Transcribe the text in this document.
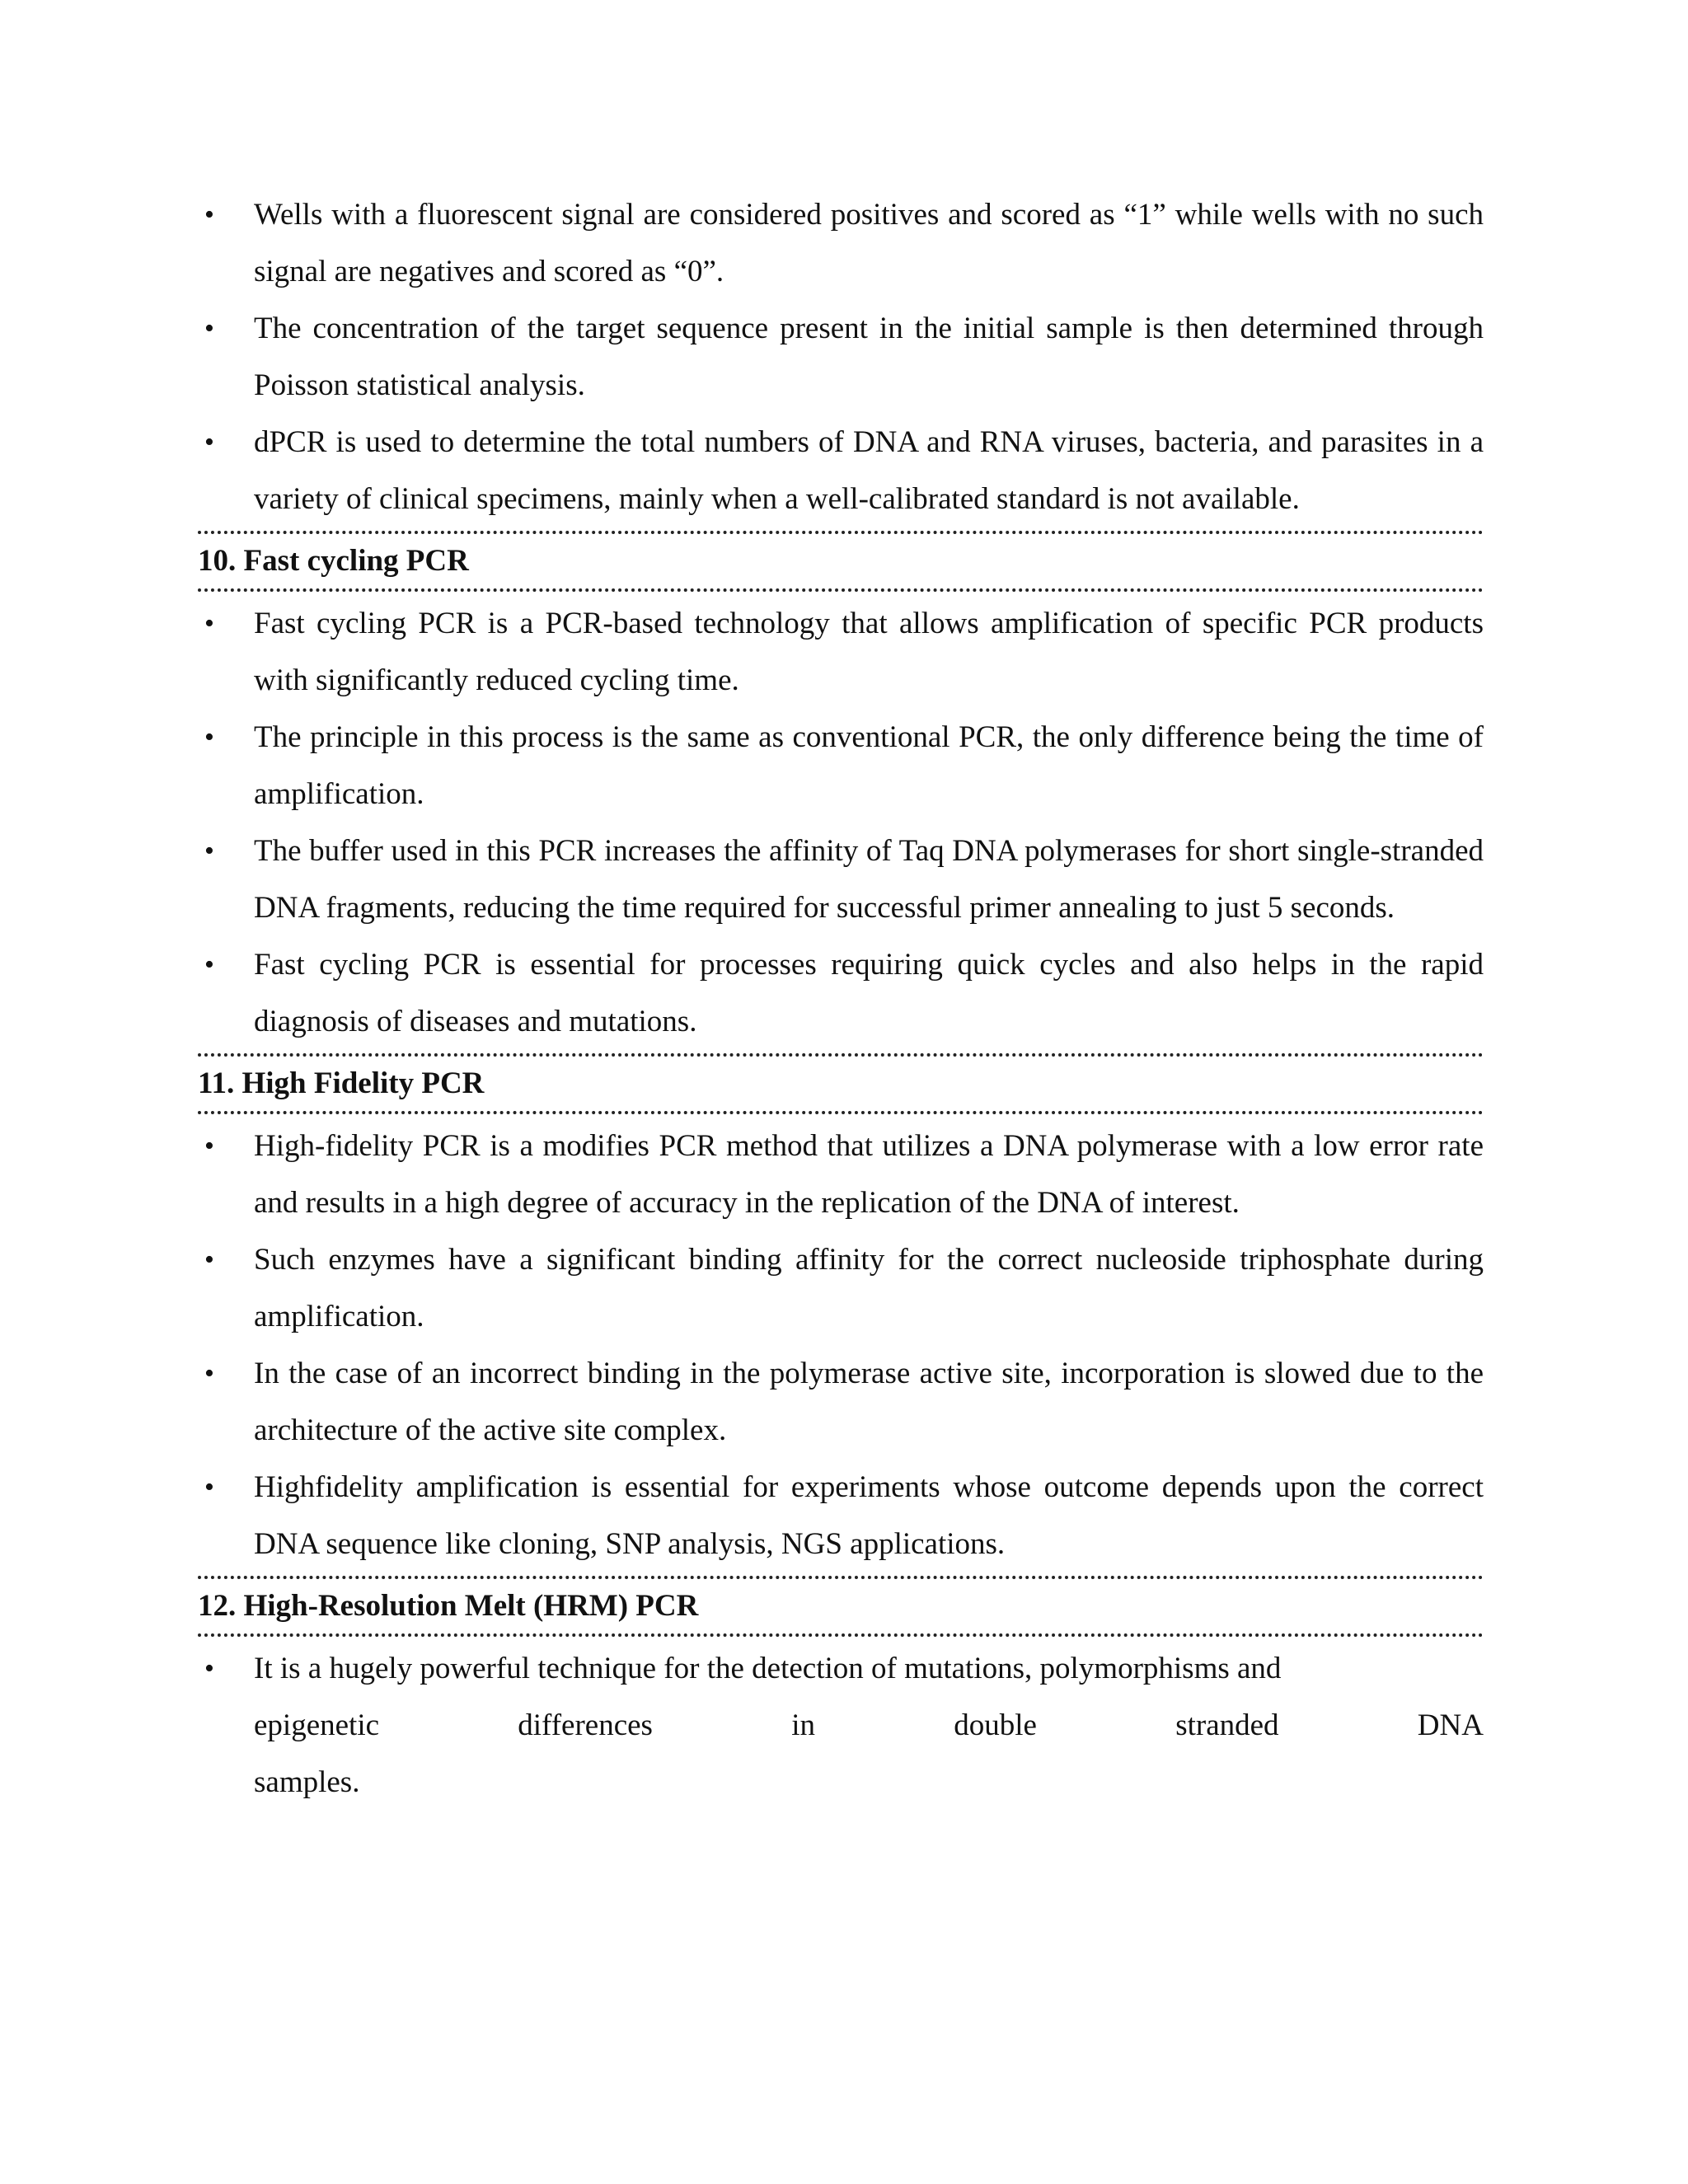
•	Wells with a fluorescent signal are considered positives and scored as “1” while wells with no such signal are negatives and scored as “0”.
•	The concentration of the target sequence present in the initial sample is then determined through Poisson statistical analysis.
•	dPCR is used to determine the total numbers of DNA and RNA viruses, bacteria, and parasites in a variety of clinical specimens, mainly when a well-calibrated standard is not available.
10. Fast cycling PCR
•	Fast cycling PCR is a PCR-based technology that allows amplification of specific PCR products with significantly reduced cycling time.
•	The principle in this process is the same as conventional PCR, the only difference being the time of amplification.
•	The buffer used in this PCR increases the affinity of Taq DNA polymerases for short single-stranded DNA fragments, reducing the time required for successful primer annealing to just 5 seconds.
•	Fast cycling PCR is essential for processes requiring quick cycles and also helps in the rapid diagnosis of diseases and mutations.
11. High Fidelity PCR
•	High-fidelity PCR is a modifies PCR method that utilizes a DNA polymerase with a low error rate and results in a high degree of accuracy in the replication of the DNA of interest.
•	Such enzymes have a significant binding affinity for the correct nucleoside triphosphate during amplification.
•	In the case of an incorrect binding in the polymerase active site, incorporation is slowed due to the architecture of the active site complex.
•	Highfidelity amplification is essential for experiments whose outcome depends upon the correct DNA sequence like cloning, SNP analysis, NGS applications.
12. High-Resolution Melt (HRM) PCR
•	It is a hugely powerful technique for the detection of mutations, polymorphisms and
epigenetic	differences	in	double	stranded	DNA
samples.
